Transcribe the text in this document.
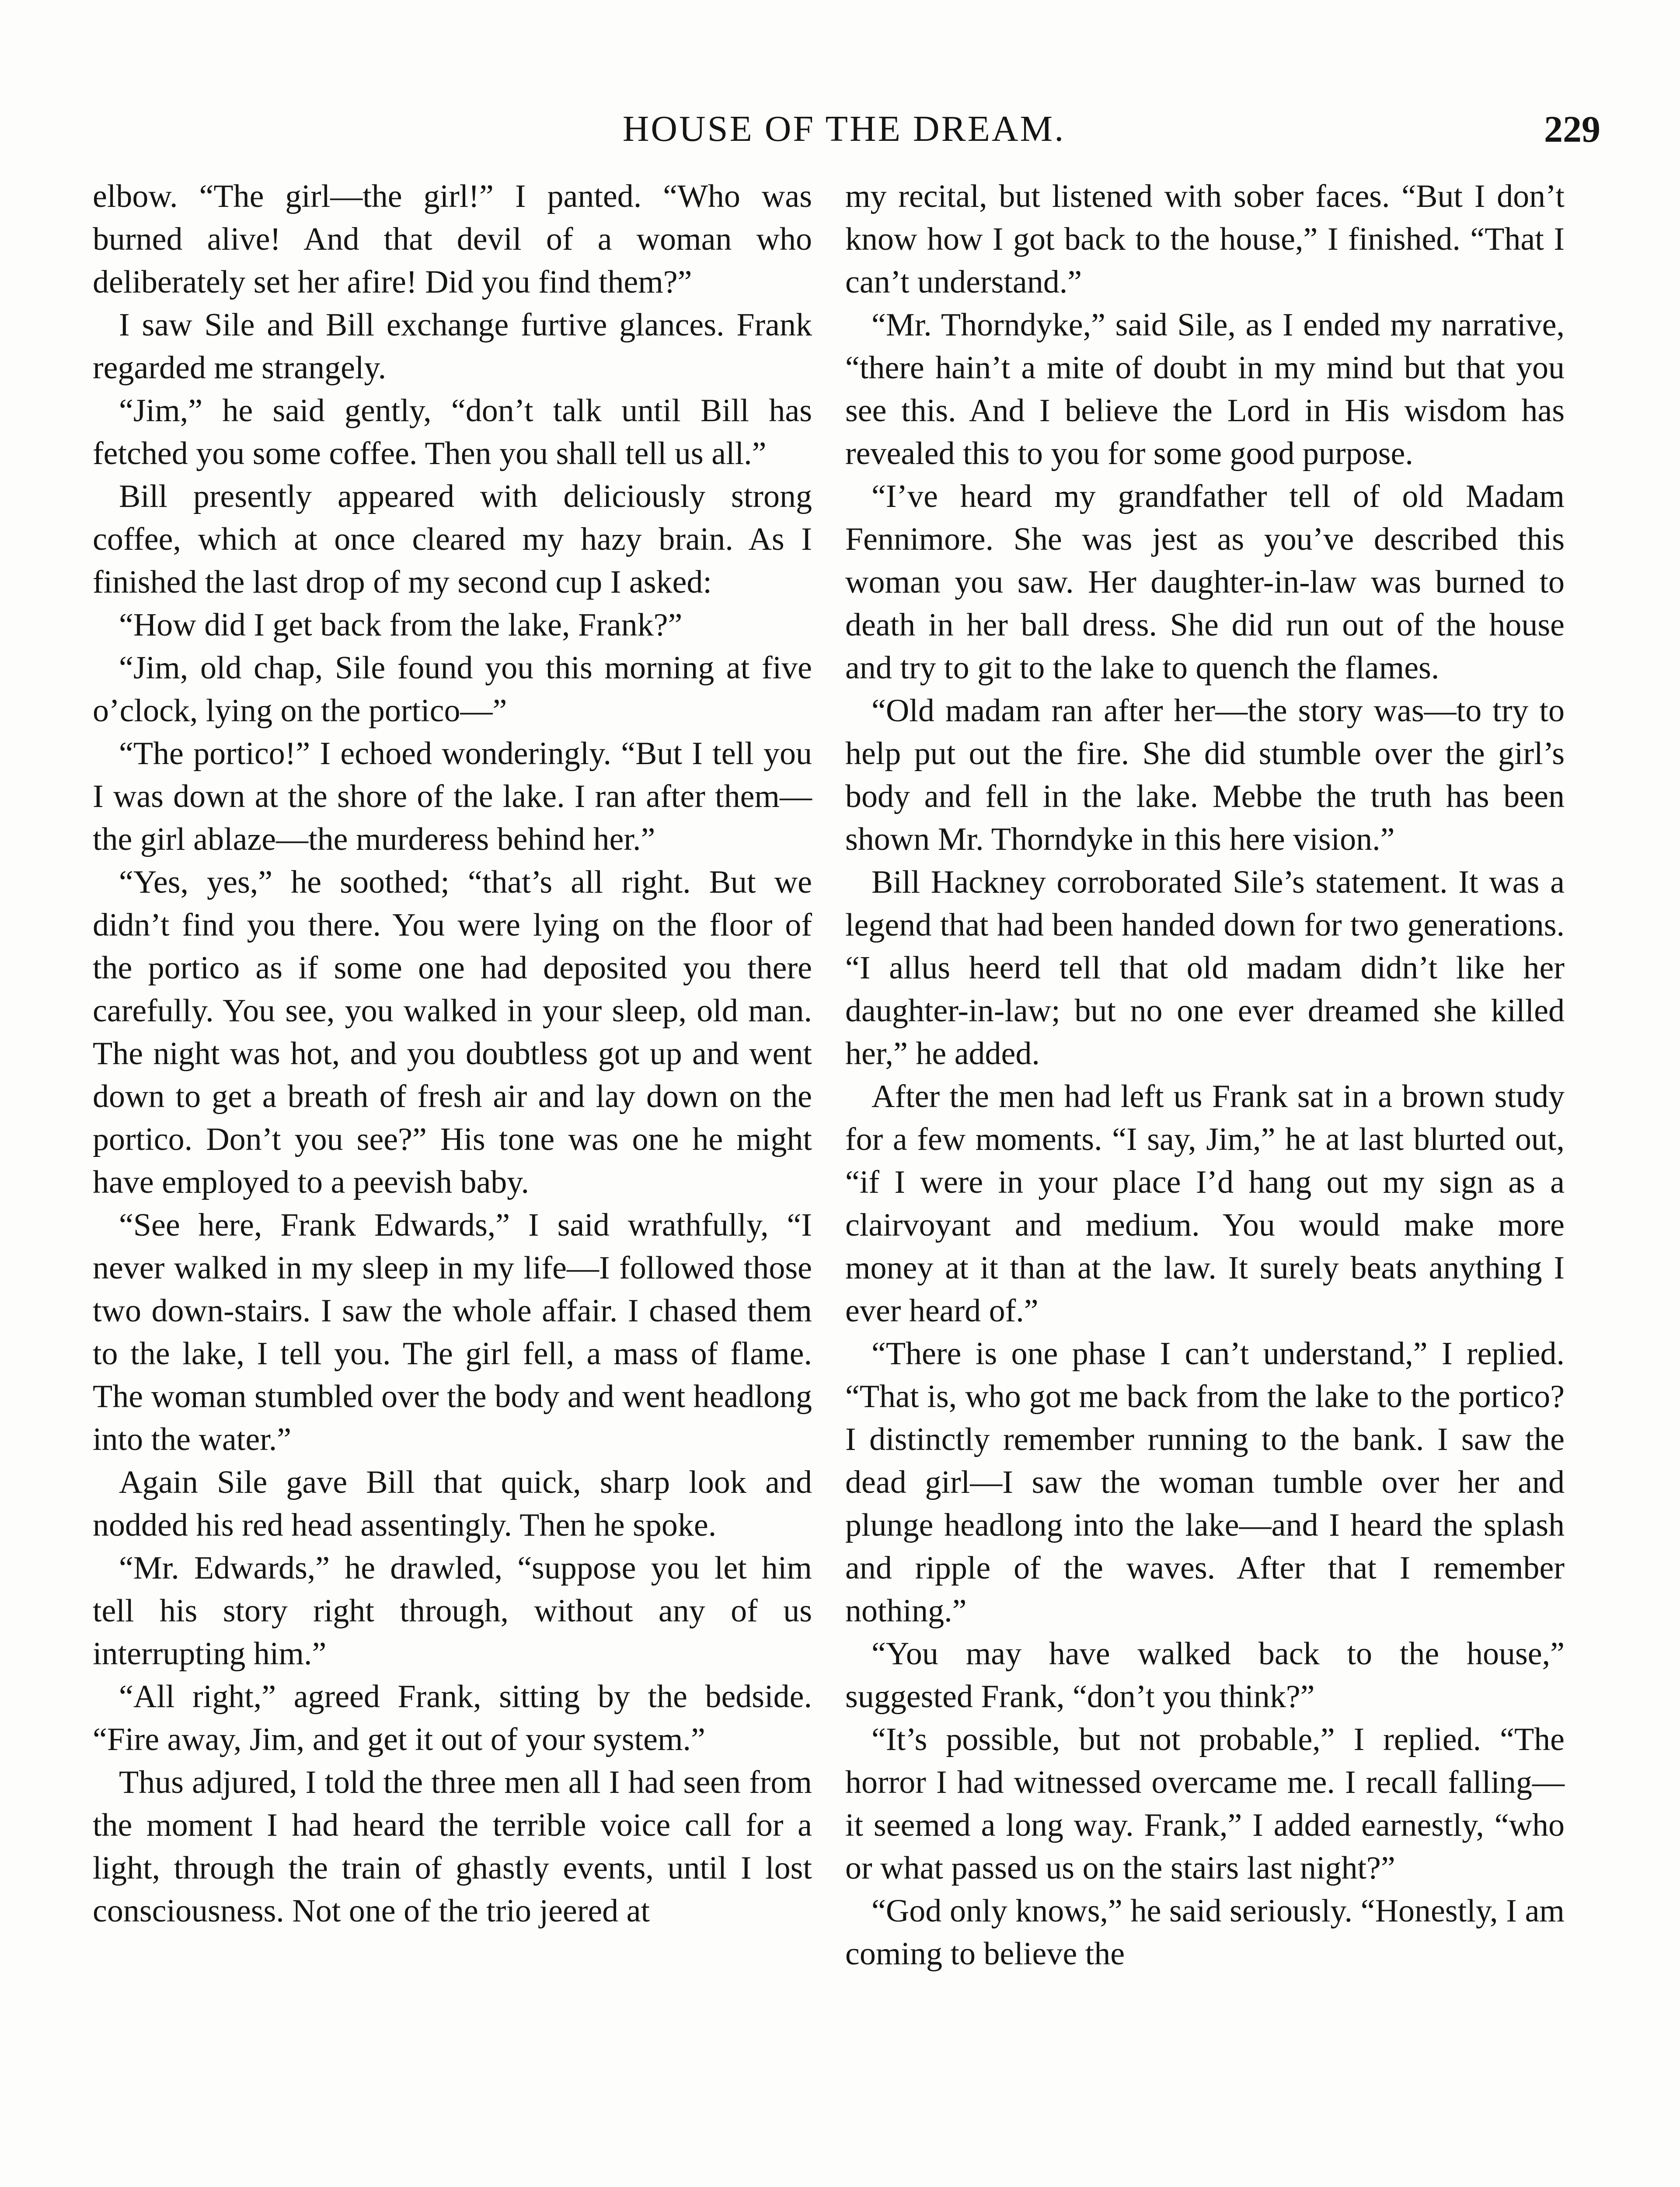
HOUSE OF THE DREAM.	229

elbow. “The girl—the girl!” I panted. “Who was burned alive! And that devil of a woman who deliberately set her afire! Did you find them?”

I saw Sile and Bill exchange furtive glances. Frank regarded me strangely.

“Jim,” he said gently, “don’t talk until Bill has fetched you some coffee. Then you shall tell us all.”

Bill presently appeared with deliciously strong coffee, which at once cleared my hazy brain. As I finished the last drop of my second cup I asked:

“How did I get back from the lake, Frank?”

“Jim, old chap, Sile found you this morning at five o’clock, lying on the portico—”

“The portico!” I echoed wonderingly. “But I tell you I was down at the shore of the lake. I ran after them—the girl ablaze—the murderess behind her.”

“Yes, yes,” he soothed; “that’s all right. But we didn’t find you there. You were lying on the floor of the portico as if some one had deposited you there carefully. You see, you walked in your sleep, old man. The night was hot, and you doubtless got up and went down to get a breath of fresh air and lay down on the portico. Don’t you see?” His tone was one he might have employed to a peevish baby.

“See here, Frank Edwards,” I said wrathfully, “I never walked in my sleep in my life—I followed those two down-stairs. I saw the whole affair. I chased them to the lake, I tell you. The girl fell, a mass of flame. The woman stumbled over the body and went headlong into the water.”

Again Sile gave Bill that quick, sharp look and nodded his red head assentingly. Then he spoke.

“Mr. Edwards,” he drawled, “suppose you let him tell his story right through, without any of us interrupting him.”

“All right,” agreed Frank, sitting by the bedside. “Fire away, Jim, and get it out of your system.”

Thus adjured, I told the three men all I had seen from the moment I had heard the terrible voice call for a light, through the train of ghastly events, until I lost consciousness. Not one of the trio jeered at

my recital, but listened with sober faces. “But I don’t know how I got back to the house,” I finished. “That I can’t understand.”

“Mr. Thorndyke,” said Sile, as I ended my narrative, “there hain’t a mite of doubt in my mind but that you see this. And I believe the Lord in His wisdom has revealed this to you for some good purpose.

“I’ve heard my grandfather tell of old Madam Fennimore. She was jest as you’ve described this woman you saw. Her daughter-in-law was burned to death in her ball dress. She did run out of the house and try to git to the lake to quench the flames.

“Old madam ran after her—the story was—to try to help put out the fire. She did stumble over the girl’s body and fell in the lake. Mebbe the truth has been shown Mr. Thorndyke in this here vision.”

Bill Hackney corroborated Sile’s statement. It was a legend that had been handed down for two generations. “I allus heerd tell that old madam didn’t like her daughter-in-law; but no one ever dreamed she killed her,” he added.

After the men had left us Frank sat in a brown study for a few moments. “I say, Jim,” he at last blurted out, “if I were in your place I’d hang out my sign as a clairvoyant and medium. You would make more money at it than at the law. It surely beats anything I ever heard of.”

“There is one phase I can’t understand,” I replied. “That is, who got me back from the lake to the portico? I distinctly remember running to the bank. I saw the dead girl—I saw the woman tumble over her and plunge headlong into the lake—and I heard the splash and ripple of the waves. After that I remember nothing.”

“You may have walked back to the house,” suggested Frank, “don’t you think?”

“It’s possible, but not probable,” I replied. “The horror I had witnessed overcame me. I recall falling—it seemed a long way. Frank,” I added earnestly, “who or what passed us on the stairs last night?”

“God only knows,” he said seriously. “Honestly, I am coming to believe the
